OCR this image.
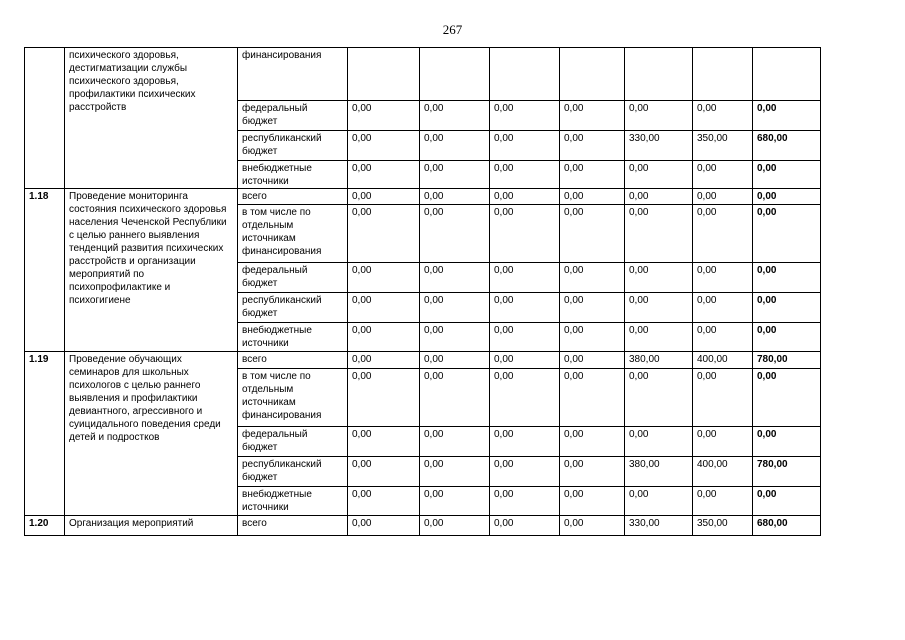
267
	психического здоровья, дестигматизации службы психического здоровья, профилактики психических расстройств	финансирования							
		федеральный бюджет	0,00	0,00	0,00	0,00	0,00	0,00	0,00
		республиканский бюджет	0,00	0,00	0,00	0,00	330,00	350,00	680,00
		внебюджетные источники	0,00	0,00	0,00	0,00	0,00	0,00	0,00
1.18	Проведение мониторинга состояния психического здоровья населения Чеченской Республики с целью раннего выявления тенденций развития психических расстройств и организации мероприятий по психопрофилактике и психогигиене	всего	0,00	0,00	0,00	0,00	0,00	0,00	0,00
		в том числе по отдельным источникам финансирования	0,00	0,00	0,00	0,00	0,00	0,00	0,00
		федеральный бюджет	0,00	0,00	0,00	0,00	0,00	0,00	0,00
		республиканский бюджет	0,00	0,00	0,00	0,00	0,00	0,00	0,00
		внебюджетные источники	0,00	0,00	0,00	0,00	0,00	0,00	0,00
1.19	Проведение обучающих семинаров для школьных психологов с целью раннего выявления и профилактики девиантного, агрессивного и суицидального поведения среди детей и подростков	всего	0,00	0,00	0,00	0,00	380,00	400,00	780,00
		в том числе по отдельным источникам финансирования	0,00	0,00	0,00	0,00	0,00	0,00	0,00
		федеральный бюджет	0,00	0,00	0,00	0,00	0,00	0,00	0,00
		республиканский бюджет	0,00	0,00	0,00	0,00	380,00	400,00	780,00
		внебюджетные источники	0,00	0,00	0,00	0,00	0,00	0,00	0,00
1.20	Организация мероприятий	всего	0,00	0,00	0,00	0,00	330,00	350,00	680,00
